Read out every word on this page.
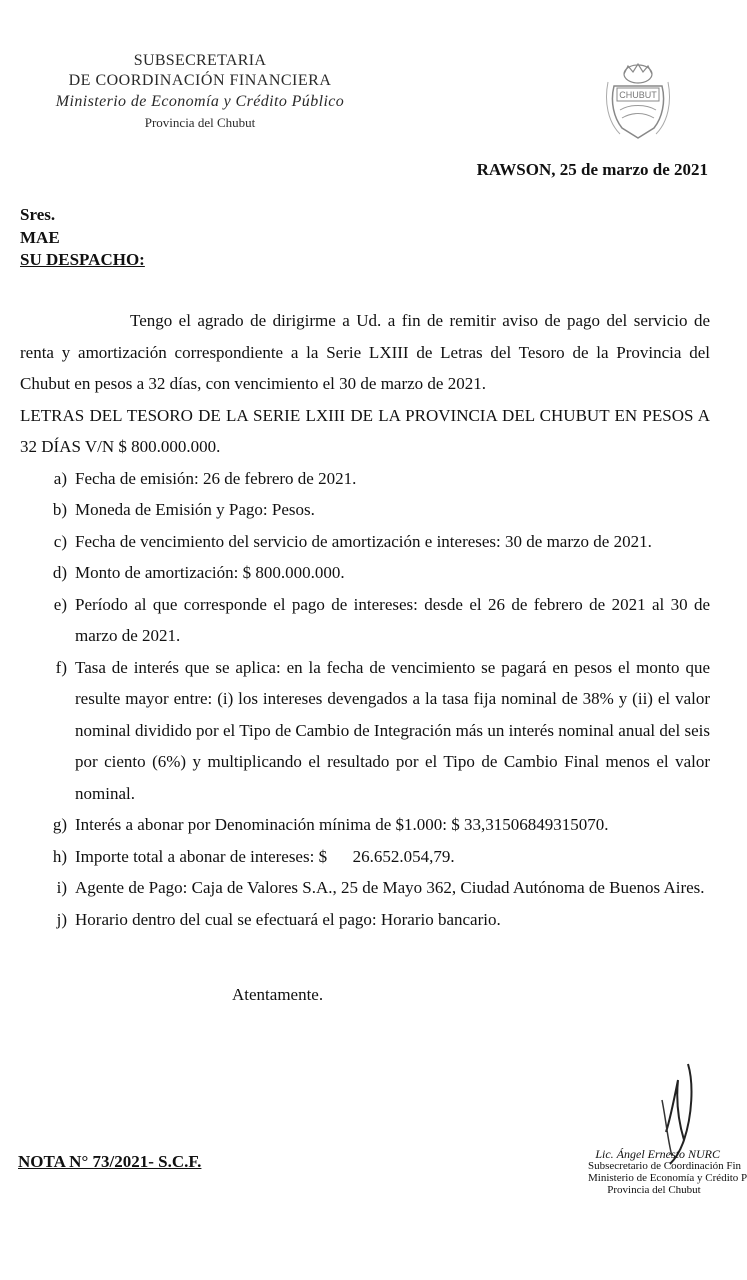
SUBSECRETARIA
DE COORDINACIÓN FINANCIERA
Ministerio de Economía y Crédito Público
Provincia del Chubut
CHUBUT
RAWSON, 25 de marzo de 2021
Sres.
MAE
SU DESPACHO:

Tengo el agrado de dirigirme a Ud. a fin de remitir aviso de pago del servicio de renta y amortización correspondiente a la Serie LXIII de Letras del Tesoro de la Provincia del Chubut en pesos a 32 días, con vencimiento el 30 de marzo de 2021.

LETRAS DEL TESORO DE LA SERIE LXIII DE LA PROVINCIA DEL CHUBUT EN PESOS A 32 DÍAS V/N $ 800.000.000.

a) Fecha de emisión: 26 de febrero de 2021.
b) Moneda de Emisión y Pago: Pesos.
c) Fecha de vencimiento del servicio de amortización e intereses: 30 de marzo de 2021.
d) Monto de amortización: $ 800.000.000.
e) Período al que corresponde el pago de intereses: desde el 26 de febrero de 2021 al 30 de marzo de 2021.
f) Tasa de interés que se aplica: en la fecha de vencimiento se pagará en pesos el monto que resulte mayor entre: (i) los intereses devengados a la tasa fija nominal de 38% y (ii) el valor nominal dividido por el Tipo de Cambio de Integración más un interés nominal anual del seis por ciento (6%) y multiplicando el resultado por el Tipo de Cambio Final menos el valor nominal.
g) Interés a abonar por Denominación mínima de $1.000: $ 33,31506849315070.
h) Importe total a abonar de intereses: $      26.652.054,79.
i) Agente de Pago: Caja de Valores S.A., 25 de Mayo 362, Ciudad Autónoma de Buenos Aires.
j) Horario dentro del cual se efectuará el pago: Horario bancario.
Atentamente.
NOTA N° 73/2021- S.C.F.	Lic. Ángel Ernesto NURC
Subsecretario de Coordinación Fin
Ministerio de Economía y Crédito P
Provincia del Chubut
